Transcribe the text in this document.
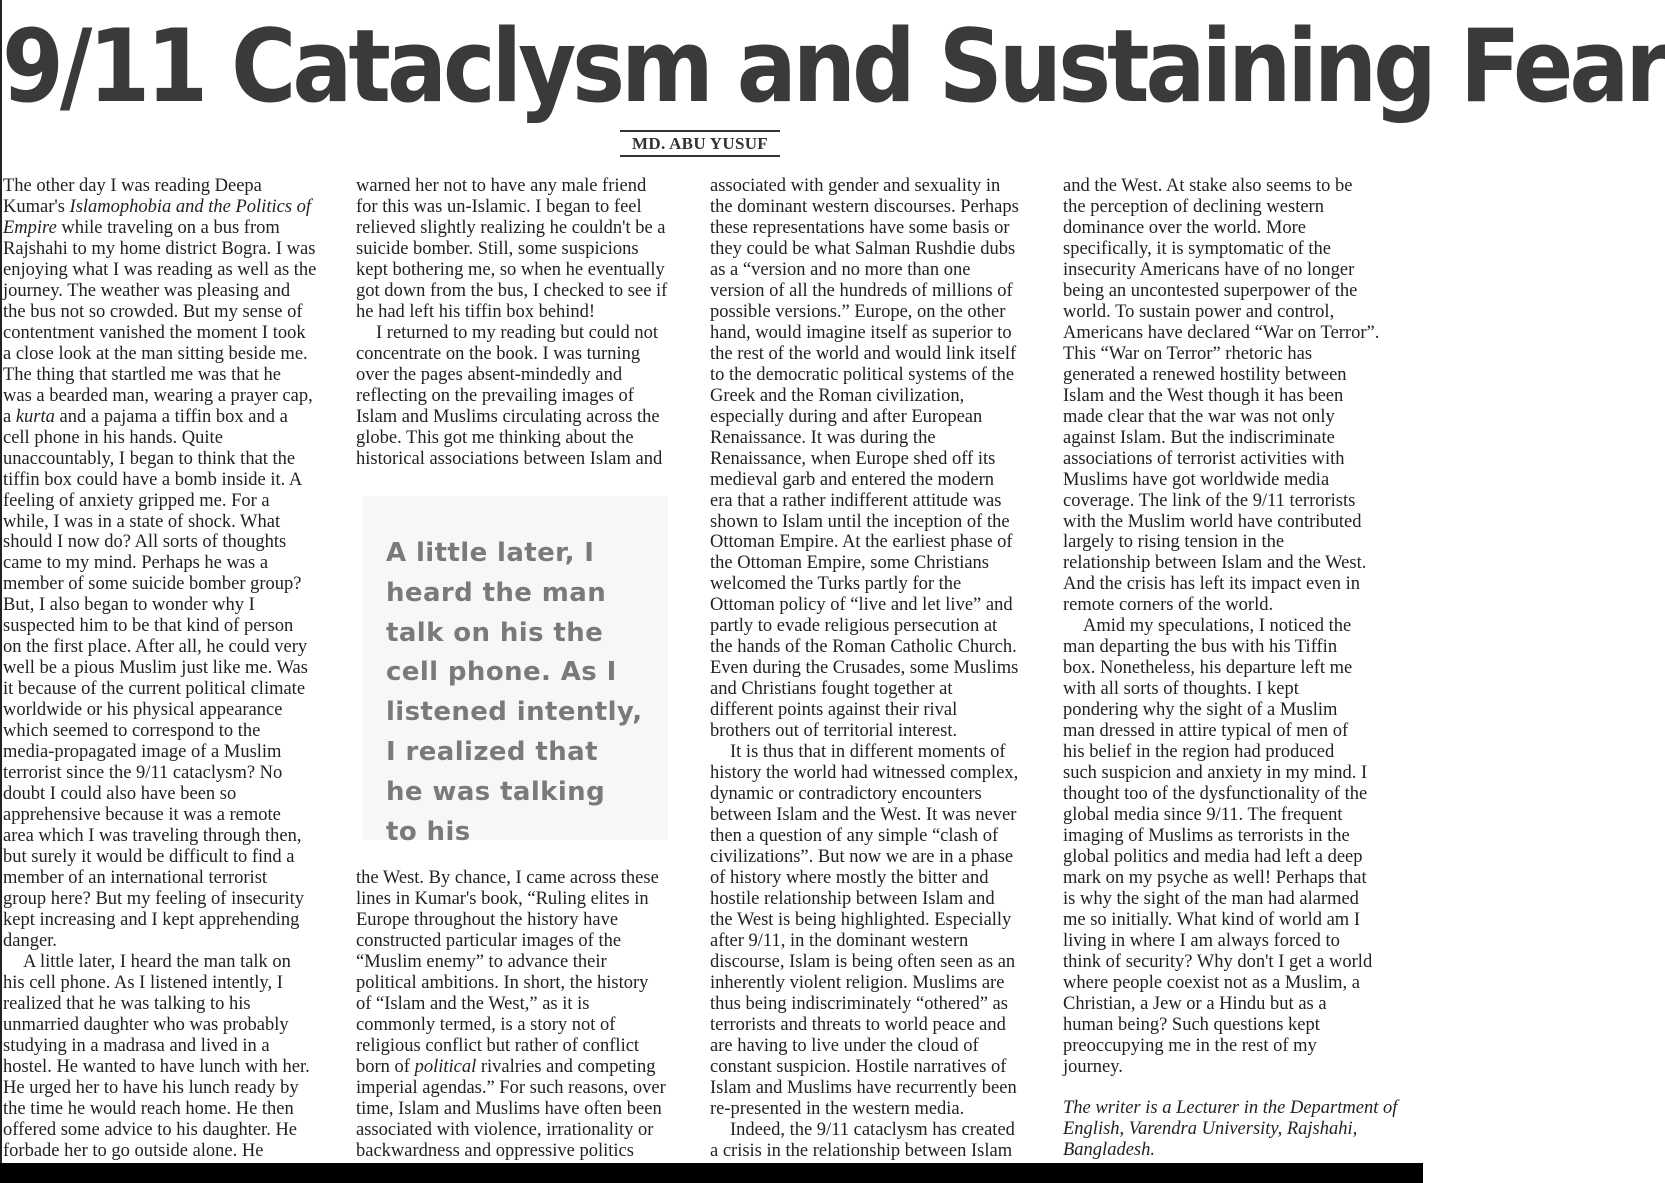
9/11 Cataclysm and Sustaining Fear
MD. ABU YUSUF
The other day I was reading Deepa
Kumar's Islamophobia and the Politics of
Empire while traveling on a bus from
Rajshahi to my home district Bogra. I was
enjoying what I was reading as well as the
journey. The weather was pleasing and
the bus not so crowded. But my sense of
contentment vanished the moment I took
a close look at the man sitting beside me.
The thing that startled me was that he
was a bearded man, wearing a prayer cap,
a kurta and a pajama a tiffin box and a
cell phone in his hands. Quite
unaccountably, I began to think that the
tiffin box could have a bomb inside it. A
feeling of anxiety gripped me. For a
while, I was in a state of shock. What
should I now do? All sorts of thoughts
came to my mind. Perhaps he was a
member of some suicide bomber group?
But, I also began to wonder why I
suspected him to be that kind of person
on the first place. After all, he could very
well be a pious Muslim just like me. Was
it because of the current political climate
worldwide or his physical appearance
which seemed to correspond to the
media-propagated image of a Muslim
terrorist since the 9/11 cataclysm? No
doubt I could also have been so
apprehensive because it was a remote
area which I was traveling through then,
but surely it would be difficult to find a
member of an international terrorist
group here? But my feeling of insecurity
kept increasing and I kept apprehending
danger.
A little later, I heard the man talk on
his cell phone. As I listened intently, I
realized that he was talking to his
unmarried daughter who was probably
studying in a madrasa and lived in a
hostel. He wanted to have lunch with her.
He urged her to have his lunch ready by
the time he would reach home. He then
offered some advice to his daughter. He
forbade her to go outside alone. He
warned her not to have any male friend
for this was un-Islamic. I began to feel
relieved slightly realizing he couldn't be a
suicide bomber. Still, some suspicions
kept bothering me, so when he eventually
got down from the bus, I checked to see if
he had left his tiffin box behind!
I returned to my reading but could not
concentrate on the book. I was turning
over the pages absent-mindedly and
reflecting on the prevailing images of
Islam and Muslims circulating across the
globe. This got me thinking about the
historical associations between Islam and
A little later, I heard the man talk on his the cell phone. As I listened intently, I realized that he was talking to his
the West. By chance, I came across these
lines in Kumar's book, “Ruling elites in
Europe throughout the history have
constructed particular images of the
“Muslim enemy” to advance their
political ambitions. In short, the history
of “Islam and the West,” as it is
commonly termed, is a story not of
religious conflict but rather of conflict
born of political rivalries and competing
imperial agendas.” For such reasons, over
time, Islam and Muslims have often been
associated with violence, irrationality or
backwardness and oppressive politics
associated with gender and sexuality in
the dominant western discourses. Perhaps
these representations have some basis or
they could be what Salman Rushdie dubs
as a “version and no more than one
version of all the hundreds of millions of
possible versions.” Europe, on the other
hand, would imagine itself as superior to
the rest of the world and would link itself
to the democratic political systems of the
Greek and the Roman civilization,
especially during and after European
Renaissance. It was during the
Renaissance, when Europe shed off its
medieval garb and entered the modern
era that a rather indifferent attitude was
shown to Islam until the inception of the
Ottoman Empire. At the earliest phase of
the Ottoman Empire, some Christians
welcomed the Turks partly for the
Ottoman policy of “live and let live” and
partly to evade religious persecution at
the hands of the Roman Catholic Church.
Even during the Crusades, some Muslims
and Christians fought together at
different points against their rival
brothers out of territorial interest.
It is thus that in different moments of
history the world had witnessed complex,
dynamic or contradictory encounters
between Islam and the West. It was never
then a question of any simple “clash of
civilizations”. But now we are in a phase
of history where mostly the bitter and
hostile relationship between Islam and
the West is being highlighted. Especially
after 9/11, in the dominant western
discourse, Islam is being often seen as an
inherently violent religion. Muslims are
thus being indiscriminately “othered” as
terrorists and threats to world peace and
are having to live under the cloud of
constant suspicion. Hostile narratives of
Islam and Muslims have recurrently been
re-presented in the western media.
Indeed, the 9/11 cataclysm has created
a crisis in the relationship between Islam
and the West. At stake also seems to be
the perception of declining western
dominance over the world. More
specifically, it is symptomatic of the
insecurity Americans have of no longer
being an uncontested superpower of the
world. To sustain power and control,
Americans have declared “War on Terror”.
This “War on Terror” rhetoric has
generated a renewed hostility between
Islam and the West though it has been
made clear that the war was not only
against Islam. But the indiscriminate
associations of terrorist activities with
Muslims have got worldwide media
coverage. The link of the 9/11 terrorists
with the Muslim world have contributed
largely to rising tension in the
relationship between Islam and the West.
And the crisis has left its impact even in
remote corners of the world.
Amid my speculations, I noticed the
man departing the bus with his Tiffin
box. Nonetheless, his departure left me
with all sorts of thoughts. I kept
pondering why the sight of a Muslim
man dressed in attire typical of men of
his belief in the region had produced
such suspicion and anxiety in my mind. I
thought too of the dysfunctionality of the
global media since 9/11. The frequent
imaging of Muslims as terrorists in the
global politics and media had left a deep
mark on my psyche as well! Perhaps that
is why the sight of the man had alarmed
me so initially. What kind of world am I
living in where I am always forced to
think of security? Why don't I get a world
where people coexist not as a Muslim, a
Christian, a Jew or a Hindu but as a
human being? Such questions kept
preoccupying me in the rest of my
journey.
The writer is a Lecturer in the Department of
English, Varendra University, Rajshahi,
Bangladesh.
